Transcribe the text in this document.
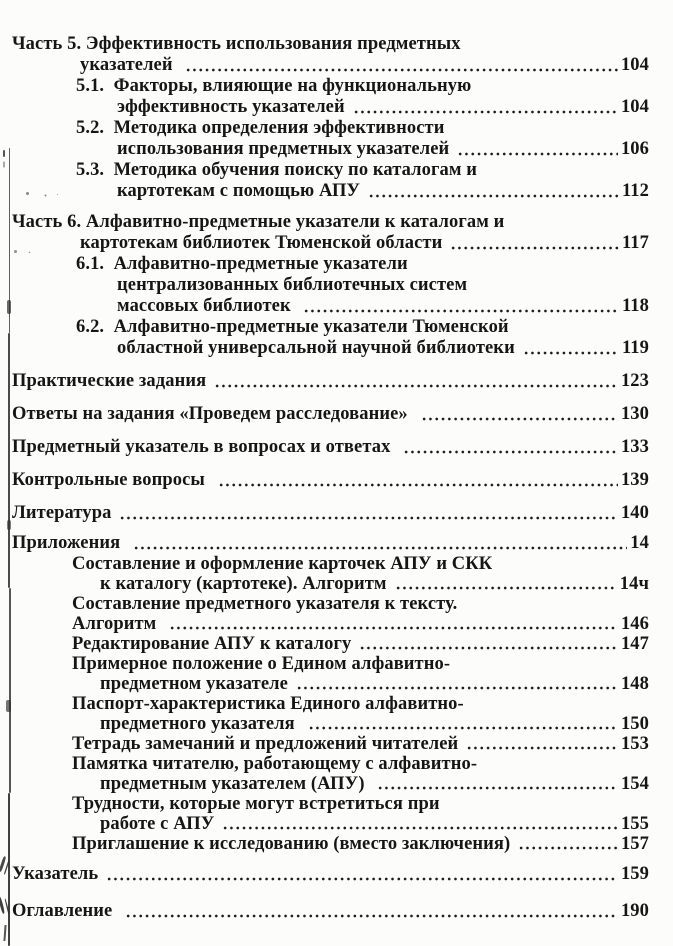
Часть 5. Эффективность использования предметных
указателей	104
5.1.  Факторы, влияющие на функциональную
эффективность указателей	104
5.2.  Методика определения эффективности
использования предметных указателей	106
5.3.  Методика обучения поиску по каталогам и
картотекам с помощью АПУ	112
Часть 6. Алфавитно-предметные указатели к каталогам и
картотекам библиотек Тюменской области	117
6.1.  Алфавитно-предметные указатели
централизованных библиотечных систем
массовых библиотек	118
6.2.  Алфавитно-предметные указатели Тюменской
областной универсальной научной библиотеки	119
Практические задания	123
Ответы на задания «Проведем расследование»	130
Предметный указатель в вопросах и ответах	133
Контрольные вопросы	139
Литература	140
Приложения	14
Составление и оформление карточек АПУ и СКК
к каталогу (картотеке). Алгоритм	14ч
Составление предметного указателя к тексту.
Алгоритм	146
Редактирование АПУ к каталогу	147
Примерное положение о Едином алфавитно-
предметном указателе	148
Паспорт-характеристика Единого алфавитно-
предметного указателя	150
Тетрадь замечаний и предложений читателей	153
Памятка читателю, работающему с алфавитно-
предметным указателем (АПУ)	154
Трудности, которые могут встретиться при
работе с АПУ	155
Приглашение к исследованию (вместо заключения)	157
Указатель	159
Оглавление	190
